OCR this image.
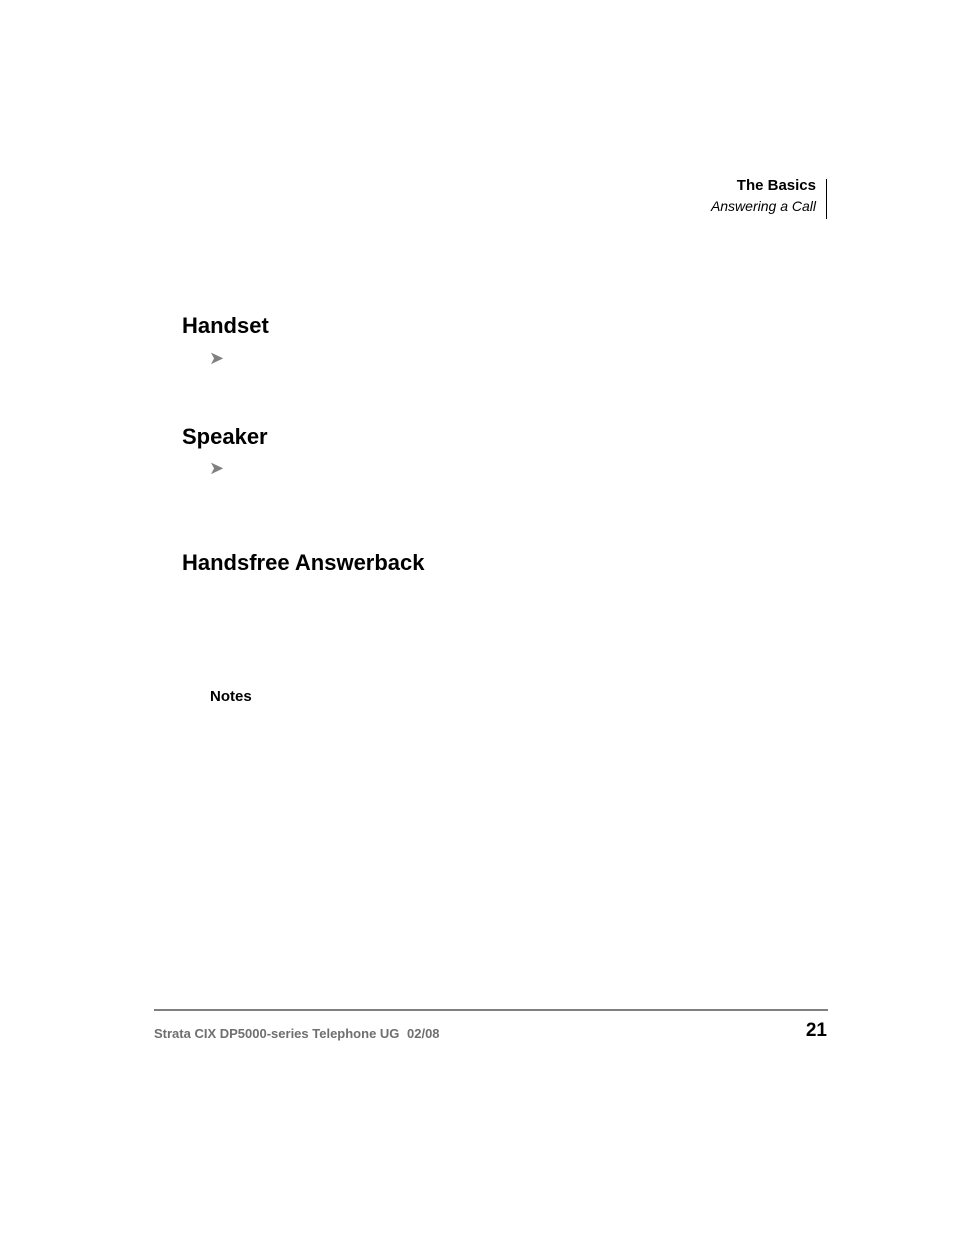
The Basics
Answering a Call
Handset
➤
Speaker
➤
Handsfree Answerback
Notes
Strata CIX DP5000-series Telephone UG 02/08	21
